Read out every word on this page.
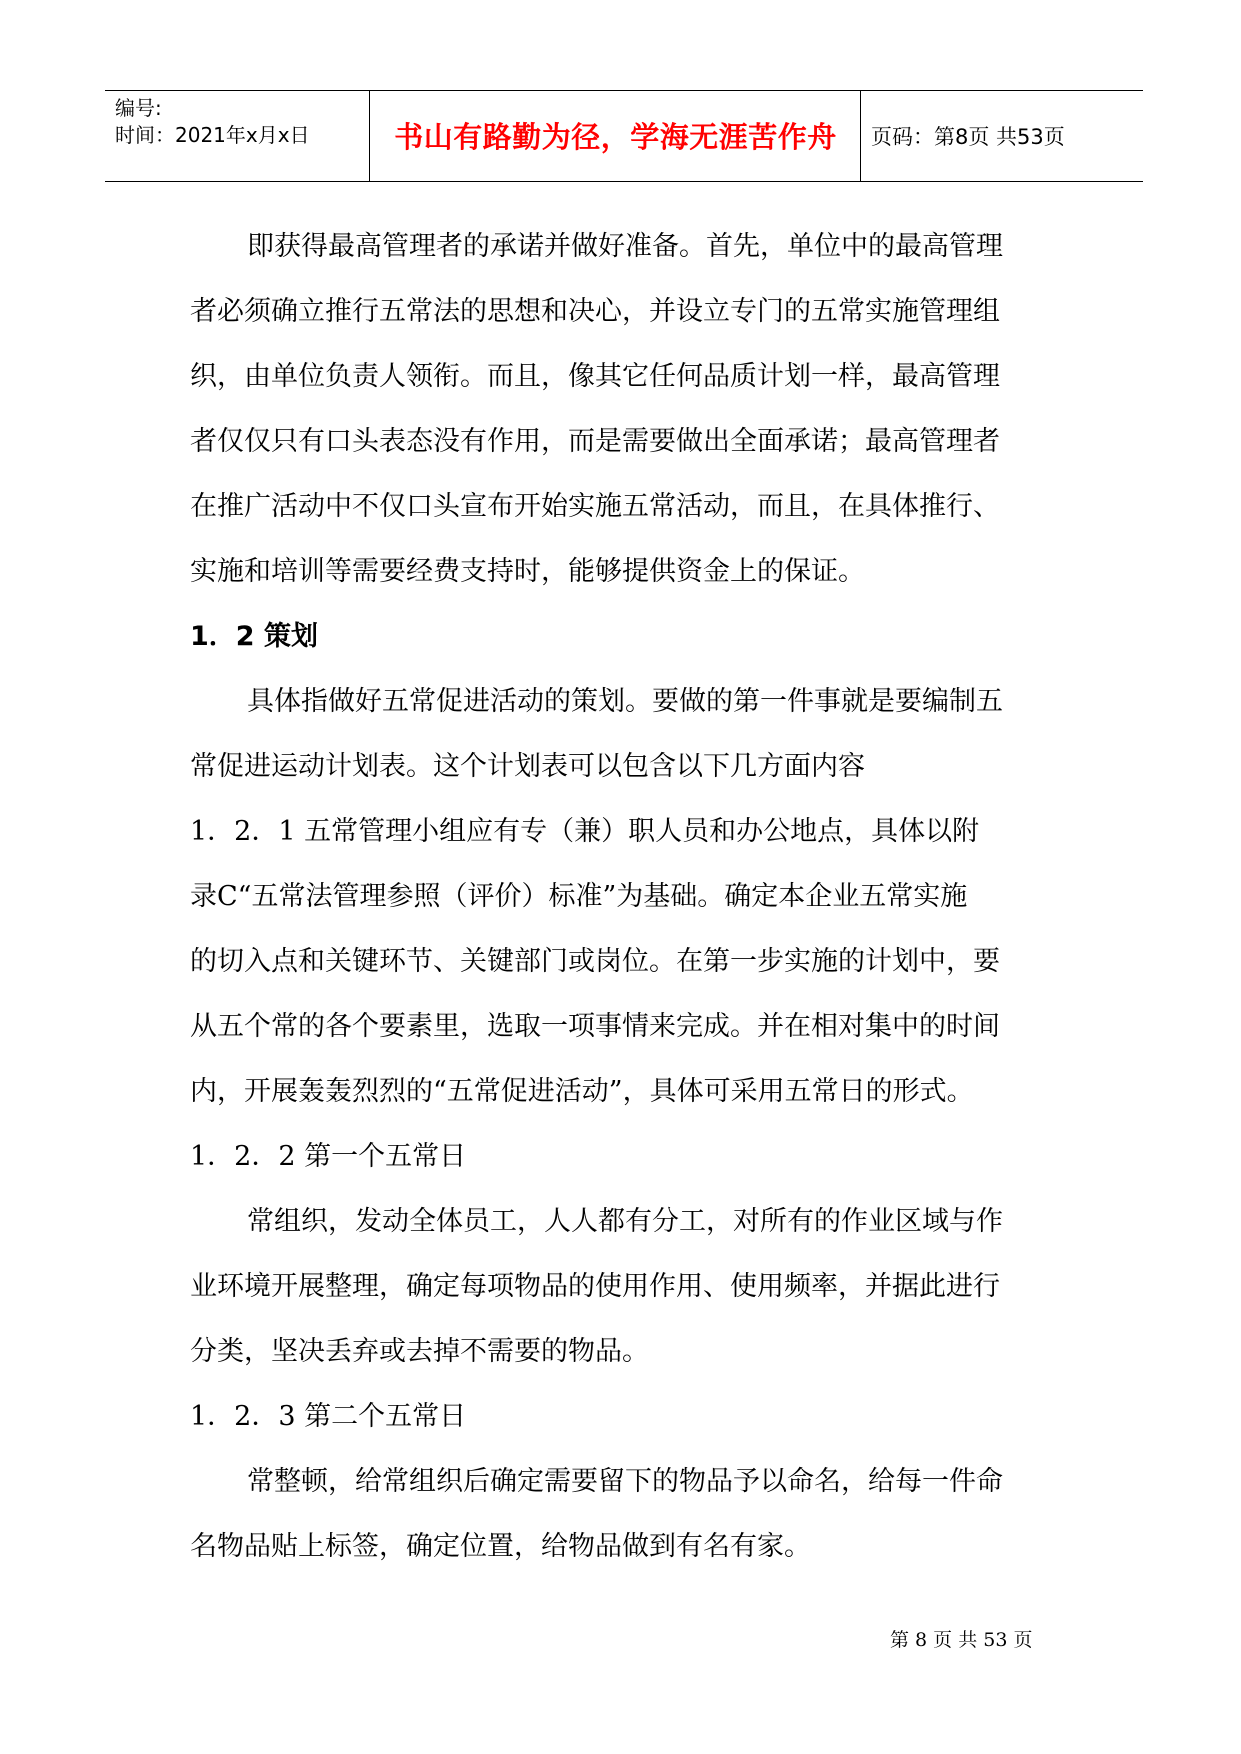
编号:
时间：2021年x月x日	书山有路勤为径，学海无涯苦作舟	页码：第8页 共53页

即获得最高管理者的承诺并做好准备。首先，单位中的最高管理

者必须确立推行五常法的思想和决心，并设立专门的五常实施管理组

织，由单位负责人领衔。而且，像其它任何品质计划一样，最高管理

者仅仅只有口头表态没有作用，而是需要做出全面承诺；最高管理者

在推广活动中不仅口头宣布开始实施五常活动，而且，在具体推行、

实施和培训等需要经费支持时，能够提供资金上的保证。

1．2 策划

具体指做好五常促进活动的策划。要做的第一件事就是要编制五

常促进运动计划表。这个计划表可以包含以下几方面内容

1．2．1 五常管理小组应有专（兼）职人员和办公地点，具体以附

录C“五常法管理参照（评价）标准”为基础。确定本企业五常实施

的切入点和关键环节、关键部门或岗位。在第一步实施的计划中，要

从五个常的各个要素里，选取一项事情来完成。并在相对集中的时间

内，开展轰轰烈烈的“五常促进活动”，具体可采用五常日的形式。

1．2．2 第一个五常日

常组织，发动全体员工，人人都有分工，对所有的作业区域与作

业环境开展整理，确定每项物品的使用作用、使用频率，并据此进行

分类，坚决丢弃或去掉不需要的物品。

1．2．3 第二个五常日

常整顿，给常组织后确定需要留下的物品予以命名，给每一件命

名物品贴上标签，确定位置，给物品做到有名有家。

第 8 页 共 53 页
